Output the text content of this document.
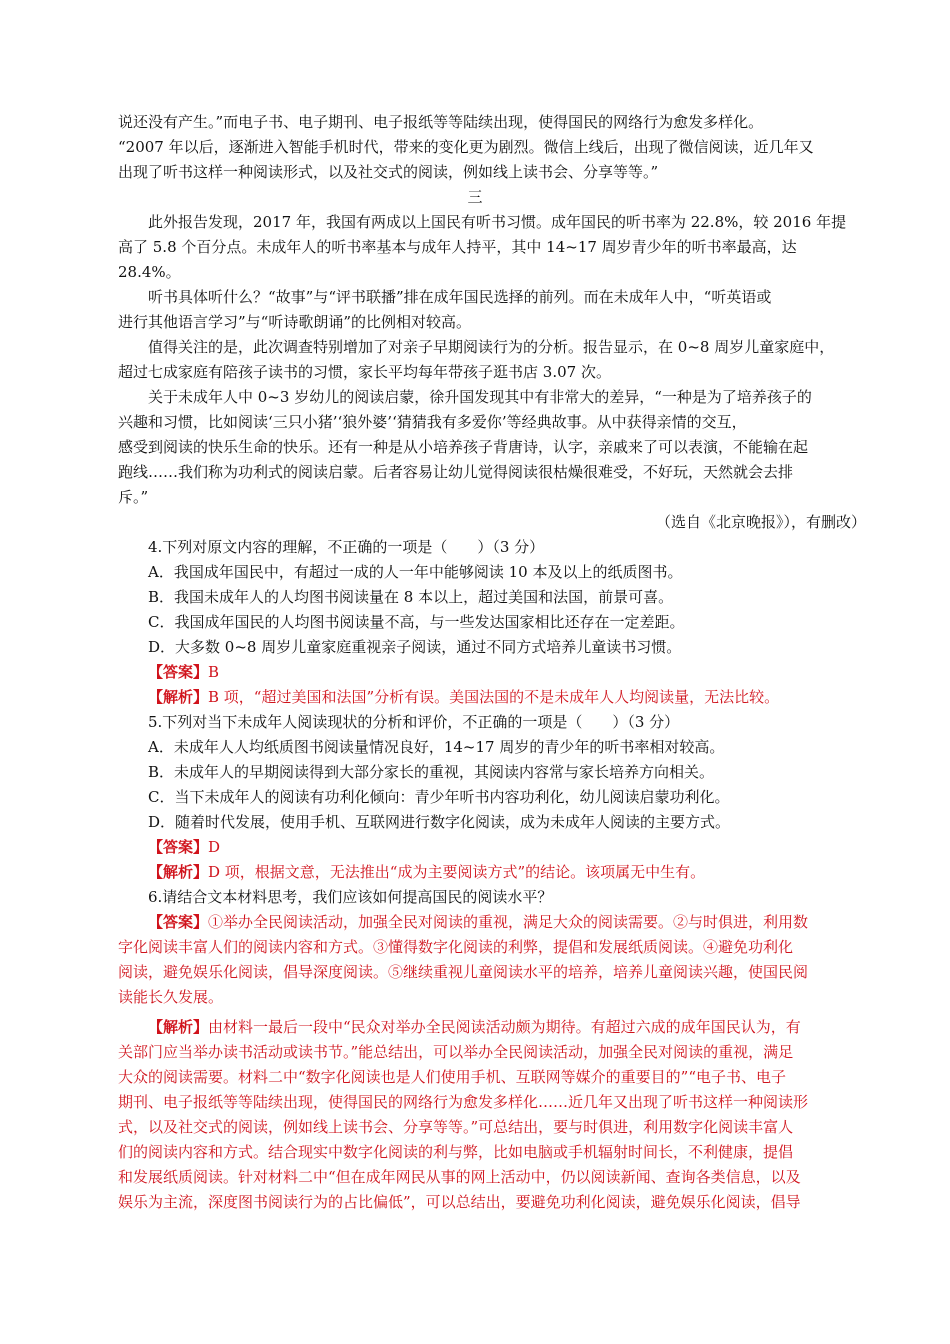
说还没有产生。”而电子书、电子期刊、电子报纸等等陆续出现，使得国民的网络行为愈发多样化。
“2007 年以后，逐渐进入智能手机时代，带来的变化更为剧烈。微信上线后，出现了微信阅读，近几年又
出现了听书这样一种阅读形式，以及社交式的阅读，例如线上读书会、分享等等。”
三
此外报告发现，2017 年，我国有两成以上国民有听书习惯。成年国民的听书率为 22.8%，较 2016 年提
高了 5.8 个百分点。未成年人的听书率基本与成年人持平，其中 14~17 周岁青少年的听书率最高，达
28.4%。
听书具体听什么？“故事”与“评书联播”排在成年国民选择的前列。而在未成年人中，“听英语或
进行其他语言学习”与“听诗歌朗诵”的比例相对较高。
值得关注的是，此次调查特别增加了对亲子早期阅读行为的分析。报告显示，在 0~8 周岁儿童家庭中，
超过七成家庭有陪孩子读书的习惯，家长平均每年带孩子逛书店 3.07 次。
关于未成年人中 0~3 岁幼儿的阅读启蒙，徐升国发现其中有非常大的差异，“一种是为了培养孩子的
兴趣和习惯，比如阅读‘三只小猪’‘狼外婆’‘猜猜我有多爱你’等经典故事。从中获得亲情的交互，
感受到阅读的快乐生命的快乐。还有一种是从小培养孩子背唐诗，认字，亲戚来了可以表演，不能输在起
跑线……我们称为功利式的阅读启蒙。后者容易让幼儿觉得阅读很枯燥很难受，不好玩，天然就会去排
斥。”
（选自《北京晚报》），有删改）
4.下列对原文内容的理解，不正确的一项是（　　）（3 分）
A．我国成年国民中，有超过一成的人一年中能够阅读 10 本及以上的纸质图书。
B．我国未成年人的人均图书阅读量在 8 本以上，超过美国和法国，前景可喜。
C．我国成年国民的人均图书阅读量不高，与一些发达国家相比还存在一定差距。
D．大多数 0~8 周岁儿童家庭重视亲子阅读，通过不同方式培养儿童读书习惯。
【答案】B
【解析】B 项，“超过美国和法国”分析有误。美国法国的不是未成年人人均阅读量，无法比较。
5.下列对当下未成年人阅读现状的分析和评价，不正确的一项是（　　）（3 分）
A．未成年人人均纸质图书阅读量情况良好，14~17 周岁的青少年的听书率相对较高。
B．未成年人的早期阅读得到大部分家长的重视，其阅读内容常与家长培养方向相关。
C．当下未成年人的阅读有功利化倾向：青少年听书内容功利化，幼儿阅读启蒙功利化。
D．随着时代发展，使用手机、互联网进行数字化阅读，成为未成年人阅读的主要方式。
【答案】D
【解析】D 项，根据文意，无法推出“成为主要阅读方式”的结论。该项属无中生有。
6.请结合文本材料思考，我们应该如何提高国民的阅读水平？
【答案】①举办全民阅读活动，加强全民对阅读的重视，满足大众的阅读需要。②与时俱进，利用数
字化阅读丰富人们的阅读内容和方式。③懂得数字化阅读的利弊，提倡和发展纸质阅读。④避免功利化
阅读，避免娱乐化阅读，倡导深度阅读。⑤继续重视儿童阅读水平的培养，培养儿童阅读兴趣，使国民阅
读能长久发展。
【解析】由材料一最后一段中“民众对举办全民阅读活动颇为期待。有超过六成的成年国民认为，有
关部门应当举办读书活动或读书节。”能总结出，可以举办全民阅读活动，加强全民对阅读的重视，满足
大众的阅读需要。材料二中“数字化阅读也是人们使用手机、互联网等媒介的重要目的”“电子书、电子
期刊、电子报纸等等陆续出现，使得国民的网络行为愈发多样化……近几年又出现了听书这样一种阅读形
式，以及社交式的阅读，例如线上读书会、分享等等。”可总结出，要与时俱进，利用数字化阅读丰富人
们的阅读内容和方式。结合现实中数字化阅读的利与弊，比如电脑或手机辐射时间长，不利健康，提倡
和发展纸质阅读。针对材料二中“但在成年网民从事的网上活动中，仍以阅读新闻、查询各类信息，以及
娱乐为主流，深度图书阅读行为的占比偏低”，可以总结出，要避免功利化阅读，避免娱乐化阅读，倡导
